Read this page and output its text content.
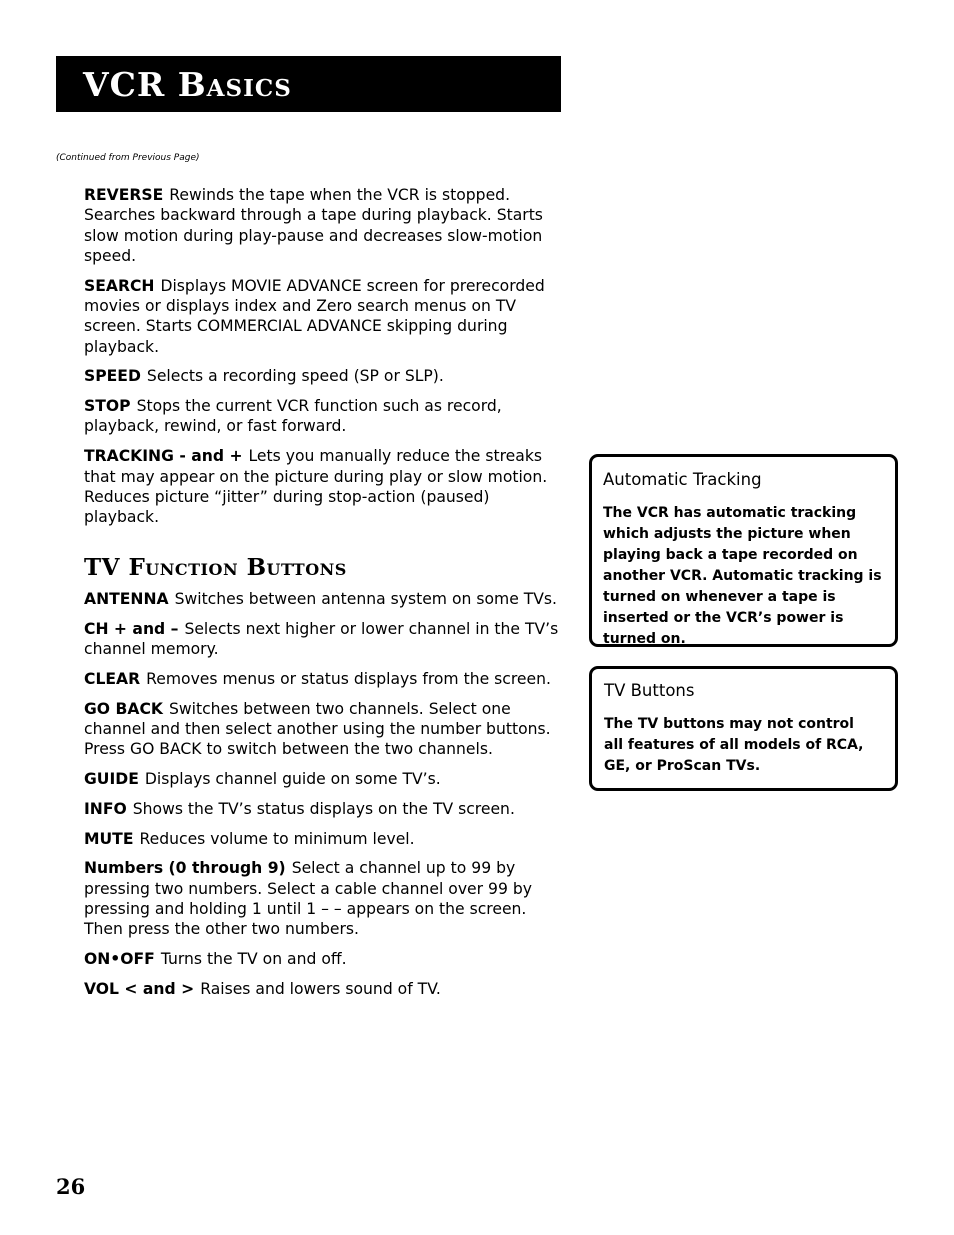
VCR Basics
(Continued from Previous Page)

REVERSE Rewinds the tape when the VCR is stopped. Searches backward through a tape during playback. Starts slow motion during play-pause and decreases slow-motion speed.

SEARCH Displays MOVIE ADVANCE screen for prerecorded movies or displays index and Zero search menus on TV screen. Starts COMMERCIAL ADVANCE skipping during playback.

SPEED Selects a recording speed (SP or SLP).

STOP Stops the current VCR function such as record, playback, rewind, or fast forward.

TRACKING - and + Lets you manually reduce the streaks that may appear on the picture during play or slow motion. Reduces picture “jitter” during stop-action (paused) playback.

TV Function Buttons

ANTENNA Switches between antenna system on some TVs.

CH + and – Selects next higher or lower channel in the TV’s channel memory.

CLEAR Removes menus or status displays from the screen.

GO BACK Switches between two channels. Select one channel and then select another using the number buttons. Press GO BACK to switch between the two channels.

GUIDE Displays channel guide on some TV’s.

INFO Shows the TV’s status displays on the TV screen.

MUTE Reduces volume to minimum level.

Numbers (0 through 9) Select a channel up to 99 by pressing two numbers. Select a cable channel over 99 by pressing and holding 1 until 1 – – appears on the screen. Then press the other two numbers.

ON•OFF Turns the TV on and off.

VOL < and > Raises and lowers sound of TV.

Automatic Tracking
The VCR has automatic tracking which adjusts the picture when playing back a tape recorded on another VCR. Automatic tracking is turned on whenever a tape is inserted or the VCR’s power is turned on.
TV Buttons
The TV buttons may not control all features of all models of RCA, GE, or ProScan TVs.
26
